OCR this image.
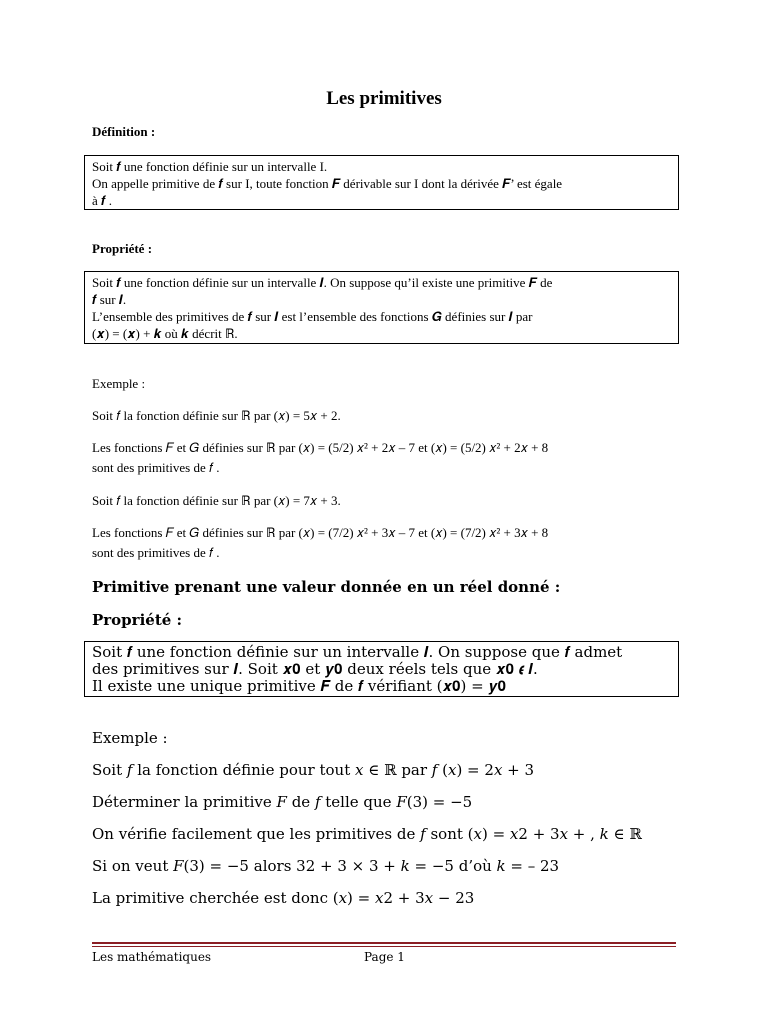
Les primitives
Définition :
Soit 𝒇 une fonction définie sur un intervalle I.
On appelle primitive de 𝒇 sur I, toute fonction 𝑭 dérivable sur I dont la dérivée 𝑭’ est égale
à 𝒇 .
Propriété :
Soit 𝒇 une fonction définie sur un intervalle 𝑰. On suppose qu’il existe une primitive 𝑭 de
𝒇 sur 𝑰.
L’ensemble des primitives de 𝒇 sur 𝑰 est l’ensemble des fonctions 𝑮 définies sur 𝑰 par
(𝒙) = (𝒙) + 𝒌 où 𝒌 décrit ℝ.
Exemple :
Soit 𝑓 la fonction définie sur ℝ par (𝑥) = 5𝑥 + 2.
Les fonctions 𝐹 et 𝐺 définies sur ℝ par (𝑥) = (5/2) 𝑥² + 2𝑥 – 7 et (𝑥) = (5/2) 𝑥² + 2𝑥 + 8
sont des primitives de 𝑓 .
Soit 𝑓 la fonction définie sur ℝ par (𝑥) = 7𝑥 + 3.
Les fonctions 𝐹 et 𝐺 définies sur ℝ par (𝑥) = (7/2) 𝑥² + 3𝑥 – 7 et (𝑥) = (7/2) 𝑥² + 3𝑥 + 8
sont des primitives de 𝑓 .
Primitive prenant une valeur donnée en un réel donné :
Propriété :
Soit 𝒇 une fonction définie sur un intervalle 𝑰. On suppose que 𝒇 admet
des primitives sur 𝑰. Soit 𝒙𝟎 et 𝒚𝟎 deux réels tels que 𝒙𝟎 𝝐 𝑰.
Il existe une unique primitive 𝑭 de 𝒇 vérifiant (𝒙𝟎) = 𝒚𝟎
Exemple :
Soit 𝑓 la fonction définie pour tout 𝑥 ∈ ℝ par 𝑓 (𝑥) = 2𝑥 + 3
Déterminer la primitive 𝐹 de 𝑓 telle que 𝐹(3) = −5
On vérifie facilement que les primitives de 𝑓 sont (𝑥) = 𝑥2 + 3𝑥 + , 𝑘 ∈ ℝ
Si on veut 𝐹(3) = −5 alors 32 + 3 × 3 + 𝑘 = −5 d’où 𝑘 = – 23
La primitive cherchée est donc (𝑥) = 𝑥2 + 3𝑥 − 23
Les mathématiques	Page 1
